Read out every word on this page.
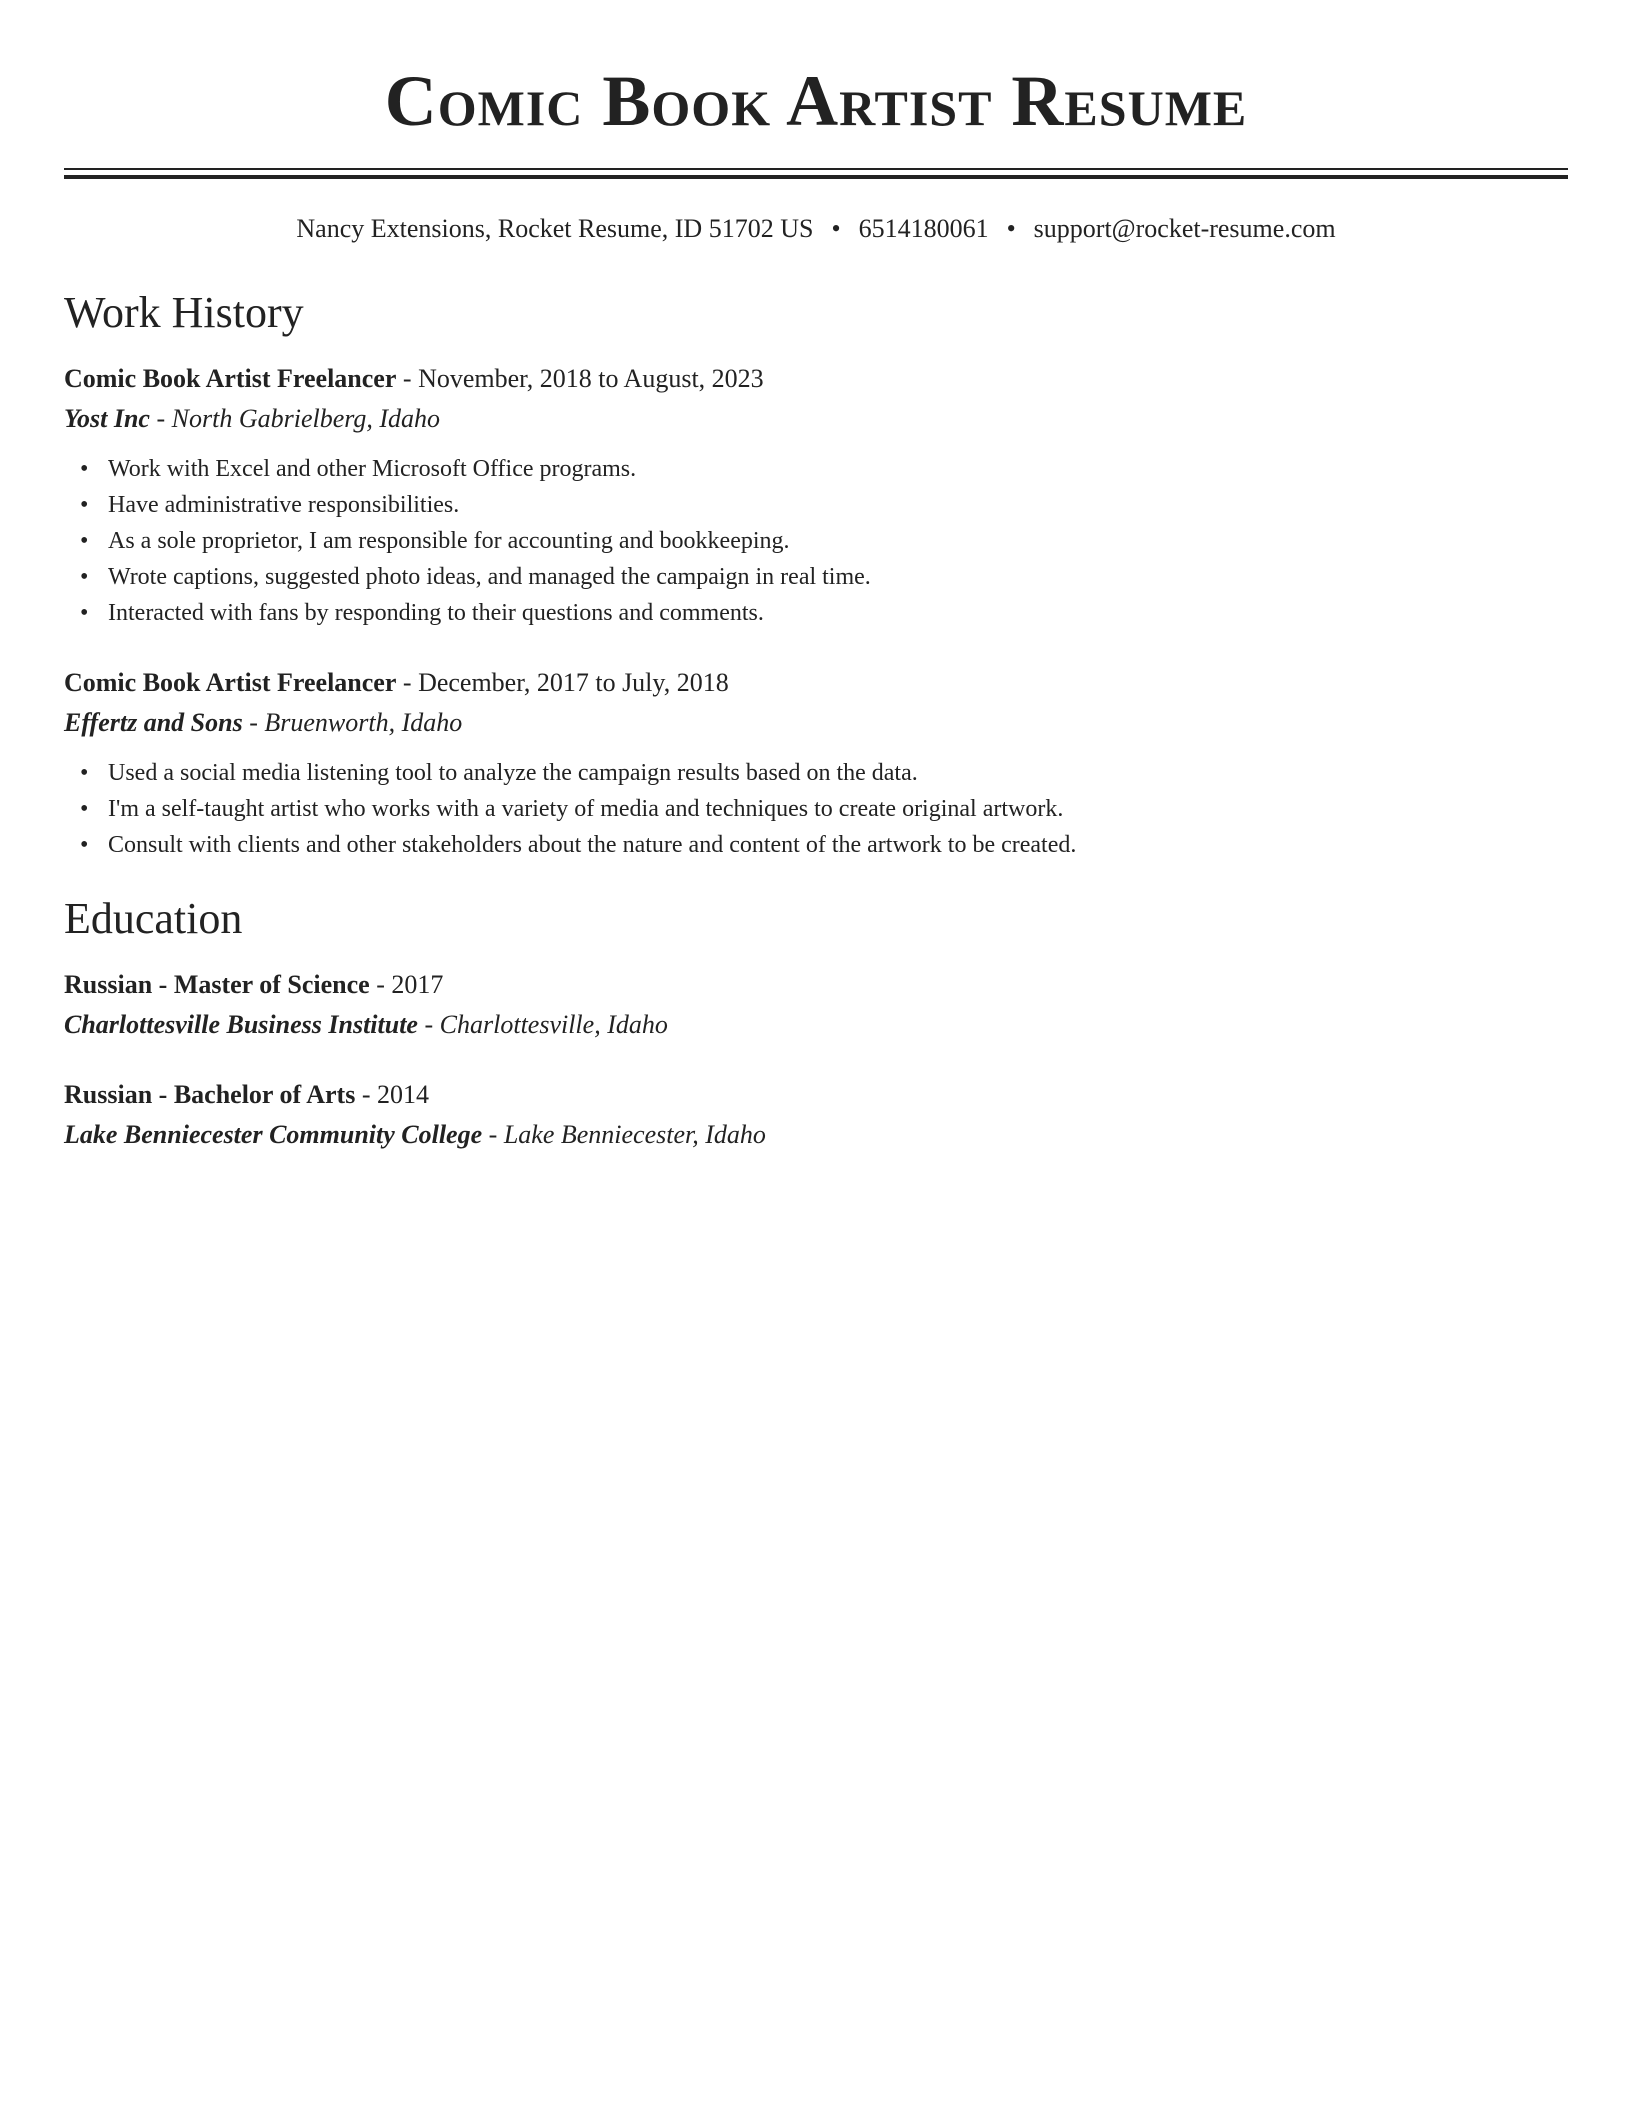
Comic Book Artist Resume
Nancy Extensions, Rocket Resume, ID 51702 US • 6514180061 • support@rocket-resume.com
Work History
Comic Book Artist Freelancer - November, 2018 to August, 2023
Yost Inc - North Gabrielberg, Idaho
• Work with Excel and other Microsoft Office programs.
• Have administrative responsibilities.
• As a sole proprietor, I am responsible for accounting and bookkeeping.
• Wrote captions, suggested photo ideas, and managed the campaign in real time.
• Interacted with fans by responding to their questions and comments.
Comic Book Artist Freelancer - December, 2017 to July, 2018
Effertz and Sons - Bruenworth, Idaho
• Used a social media listening tool to analyze the campaign results based on the data.
• I'm a self-taught artist who works with a variety of media and techniques to create original artwork.
• Consult with clients and other stakeholders about the nature and content of the artwork to be created.
Education
Russian - Master of Science - 2017
Charlottesville Business Institute - Charlottesville, Idaho
Russian - Bachelor of Arts - 2014
Lake Benniecester Community College - Lake Benniecester, Idaho
